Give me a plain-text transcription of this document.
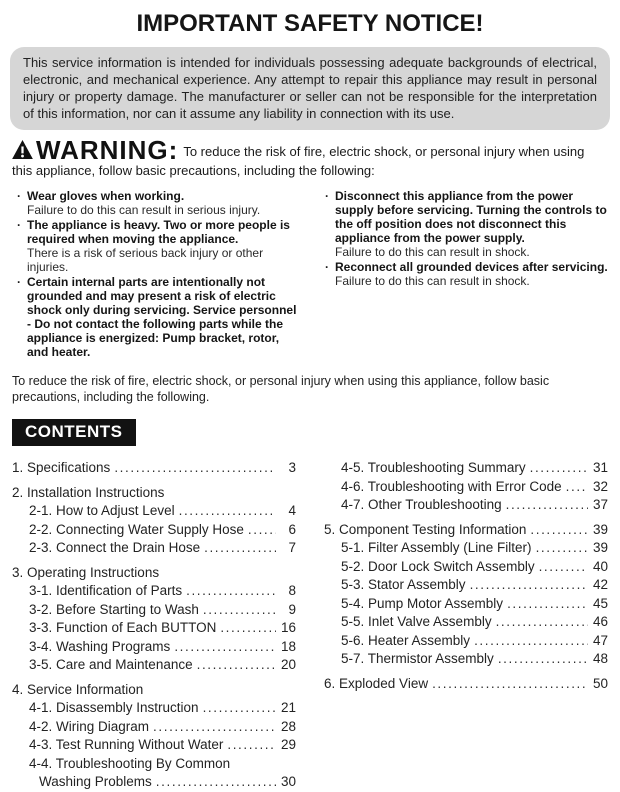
IMPORTANT SAFETY NOTICE!
This service information is intended for individuals possessing adequate backgrounds of electrical, electronic, and mechanical experience. Any attempt to repair this appliance may result in personal injury or property damage. The manufacturer or seller can not be responsible for the interpretation of this information, nor can it assume any liability in connection with its use.

WARNING: To reduce the risk of fire, electric shock, or personal injury when using this appliance, follow basic precautions, including the following:

· Wear gloves when working.
Failure to do this can result in serious injury.
· The appliance is heavy. Two or more people is required when moving the appliance.
There is a risk of serious back injury or other injuries.
· Certain internal parts are intentionally not grounded and may present a risk of electric shock only during servicing. Service personnel - Do not contact the following parts while the appliance is energized: Pump bracket, rotor, and heater.
· Disconnect this appliance from the power supply before servicing. Turning the controls to the off position does not disconnect this appliance from the power supply.
Failure to do this can result in shock.
· Reconnect all grounded devices after servicing.
Failure to do this can result in shock.

To reduce the risk of fire, electric shock, or personal injury when using this appliance, follow basic precautions, including the following.

CONTENTS
1. Specifications .....	3
2. Installation Instructions
2-1. How to Adjust Level .....	4
2-2. Connecting Water Supply Hose .....	6
2-3. Connect the Drain Hose .....	7
3. Operating Instructions
3-1. Identification of Parts .....	8
3-2. Before Starting to Wash .....	9
3-3. Function of Each BUTTON .....	16
3-4. Washing Programs .....	18
3-5. Care and Maintenance .....	20
4. Service Information
4-1. Disassembly Instruction .....	21
4-2. Wiring Diagram .....	28
4-3. Test Running Without Water .....	29
4-4. Troubleshooting By Common
Washing Problems .....	30
4-5. Troubleshooting Summary .....	31
4-6. Troubleshooting with Error Code ..... 32
4-7. Other Troubleshooting .....	37
5. Component Testing Information .....	39
5-1. Filter Assembly (Line Filter) .....	39
5-2. Door Lock Switch Assembly .....	40
5-3. Stator Assembly .....	42
5-4. Pump Motor Assembly .....	45
5-5. Inlet Valve Assembly .....	46
5-6. Heater Assembly .....	47
5-7. Thermistor Assembly .....	48
6. Exploded View .....	50
